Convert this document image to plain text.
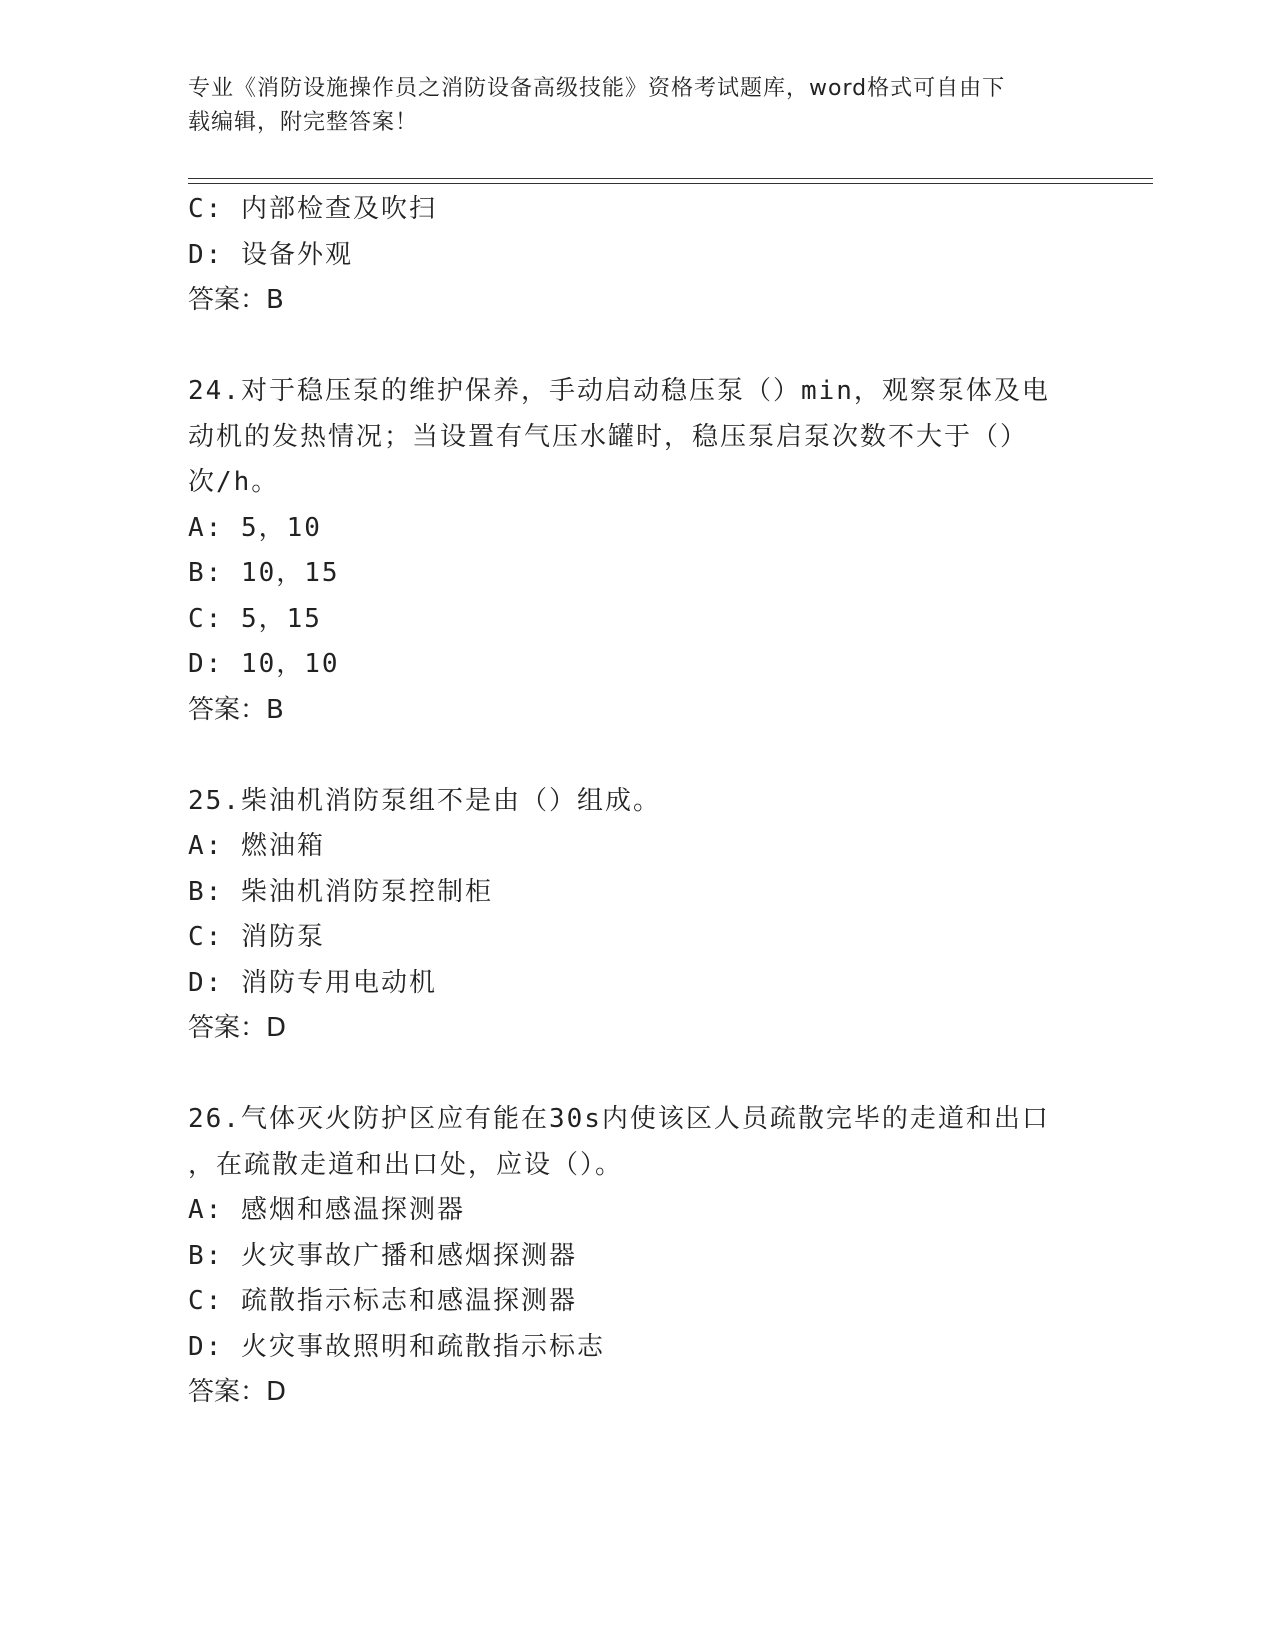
专业《消防设施操作员之消防设备高级技能》资格考试题库，word格式可自由下
载编辑，附完整答案！
C: 内部检查及吹扫
D: 设备外观
答案：B
24.对于稳压泵的维护保养，手动启动稳压泵（）min，观察泵体及电
动机的发热情况；当设置有气压水罐时，稳压泵启泵次数不大于（）
次/h。
A: 5，10
B: 10，15
C: 5，15
D: 10，10
答案：B
25.柴油机消防泵组不是由（）组成。
A: 燃油箱
B: 柴油机消防泵控制柜
C: 消防泵
D: 消防专用电动机
答案：D
26.气体灭火防护区应有能在30s内使该区人员疏散完毕的走道和出口
，在疏散走道和出口处，应设（）。
A: 感烟和感温探测器
B: 火灾事故广播和感烟探测器
C: 疏散指示标志和感温探测器
D: 火灾事故照明和疏散指示标志
答案：D
